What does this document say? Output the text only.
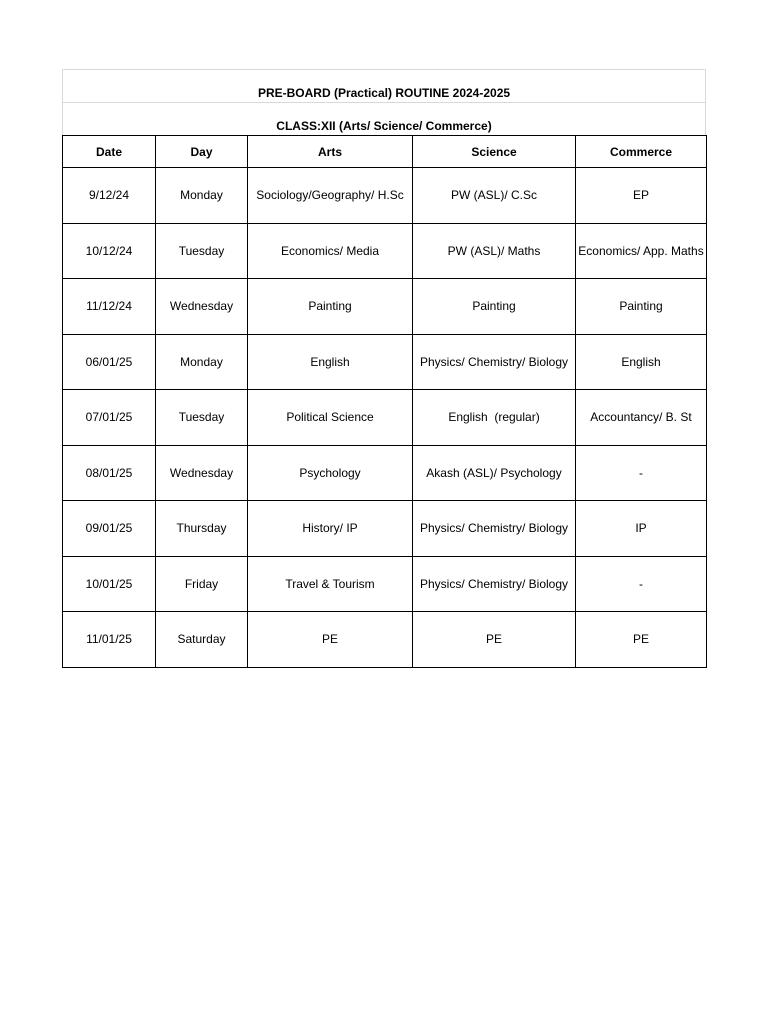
PRE-BOARD (Practical) ROUTINE 2024-2025
CLASS:XII (Arts/ Science/ Commerce)
Date	Day	Arts	Science	Commerce
9/12/24	Monday	Sociology/Geography/ H.Sc	PW (ASL)/ C.Sc	EP
10/12/24	Tuesday	Economics/ Media	PW (ASL)/ Maths	Economics/ App. Maths
11/12/24	Wednesday	Painting	Painting	Painting
06/01/25	Monday	English	Physics/ Chemistry/ Biology	English
07/01/25	Tuesday	Political Science	English  (regular)	Accountancy/ B. St
08/01/25	Wednesday	Psychology	Akash (ASL)/ Psychology	-
09/01/25	Thursday	History/ IP	Physics/ Chemistry/ Biology	IP
10/01/25	Friday	Travel & Tourism	Physics/ Chemistry/ Biology	-
11/01/25	Saturday	PE	PE	PE
